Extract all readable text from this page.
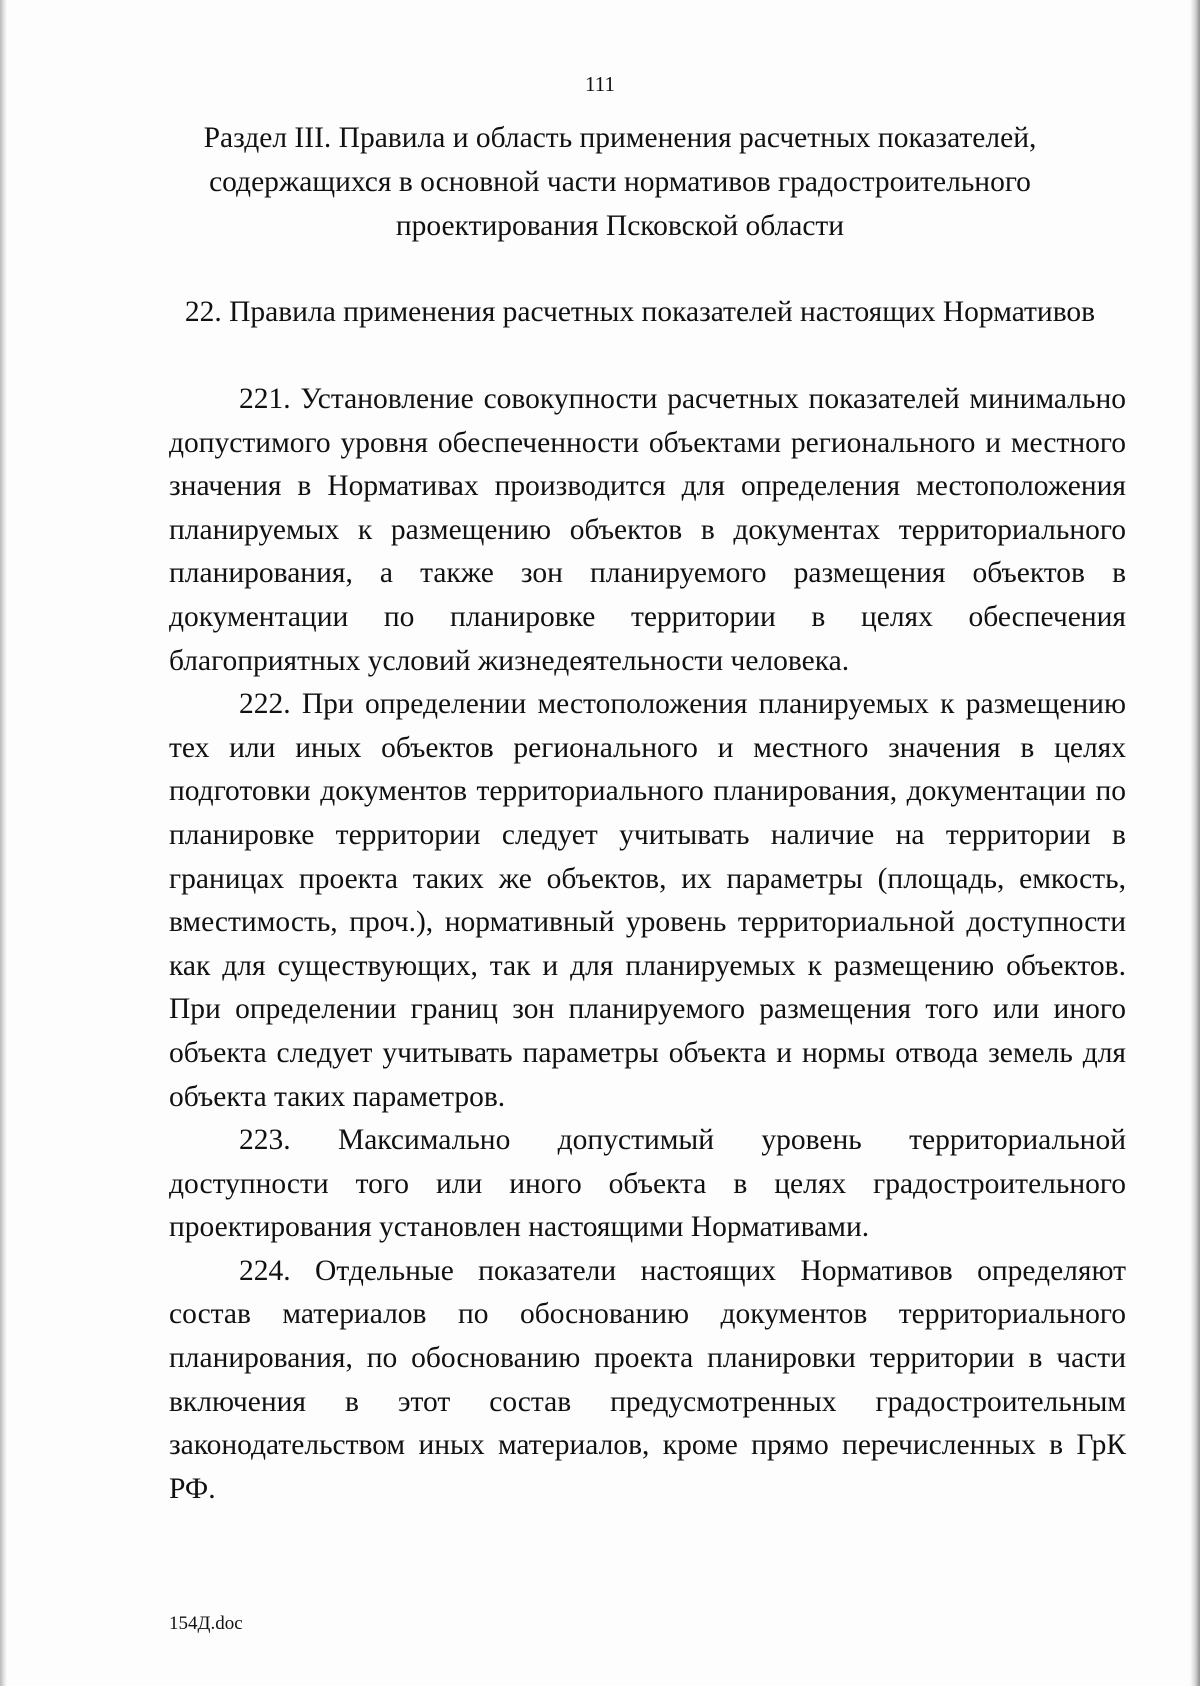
111
Раздел III. Правила и область применения расчетных показателей, содержащихся в основной части нормативов градостроительного проектирования Псковской области
22. Правила применения расчетных показателей настоящих Нормативов

221. Установление совокупности расчетных показателей минимально допустимого уровня обеспеченности объектами регионального и местного значения в Нормативах производится для определения местоположения планируемых к размещению объектов в документах территориального планирования, а также зон планируемого размещения объектов в документации по планировке территории в целях обеспечения благоприятных условий жизнедеятельности человека.

222. При определении местоположения планируемых к размещению тех или иных объектов регионального и местного значения в целях подготовки документов территориального планирования, документации по планировке территории следует учитывать наличие на территории в границах проекта таких же объектов, их параметры (площадь, емкость, вместимость, проч.), нормативный уровень территориальной доступности как для существующих, так и для планируемых к размещению объектов. При определении границ зон планируемого размещения того или иного объекта следует учитывать параметры объекта и нормы отвода земель для объекта таких параметров.

223. Максимально допустимый уровень территориальной доступности того или иного объекта в целях градостроительного проектирования установлен настоящими Нормативами.

224. Отдельные показатели настоящих Нормативов определяют состав материалов по обоснованию документов территориального планирования, по обоснованию проекта планировки территории в части включения в этот состав предусмотренных градостроительным законодательством иных материалов, кроме прямо перечисленных в ГрК РФ.

154Д.doc
